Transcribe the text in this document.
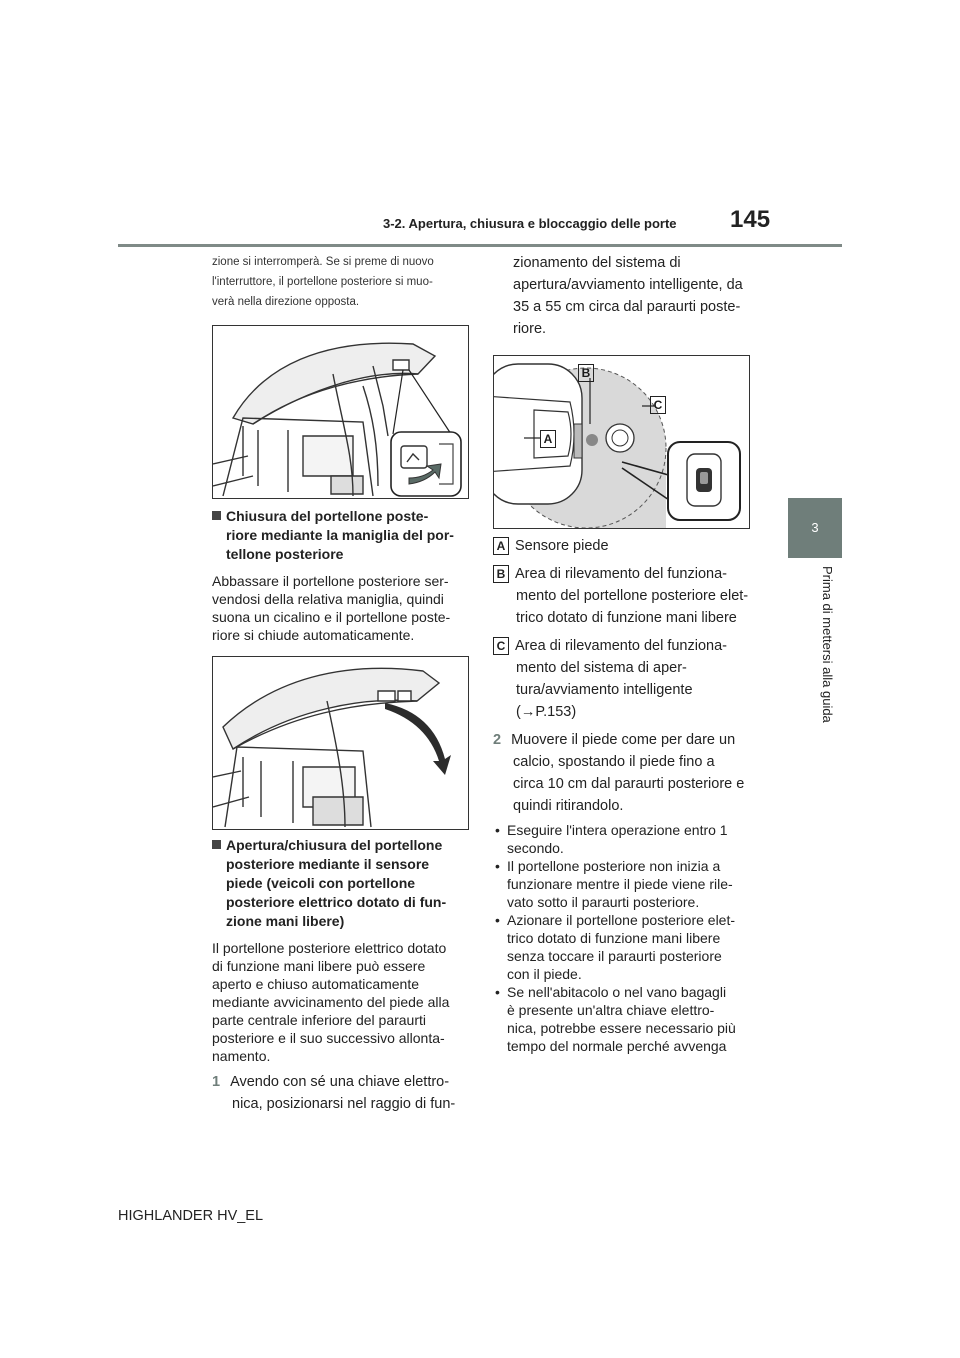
3-2. Apertura, chiusura e bloccaggio delle porte 145
3
Prima di mettersi alla guida
zione si interromperà. Se si preme di nuovo
l'interruttore, il portellone posteriore si muo-
verà nella direzione opposta.
Chiusura del portellone poste-
riore mediante la maniglia del por-
tellone posteriore
Abbassare il portellone posteriore ser-
vendosi della relativa maniglia, quindi
suona un cicalino e il portellone poste-
riore si chiude automaticamente.
Apertura/chiusura del portellone
posteriore mediante il sensore
piede (veicoli con portellone
posteriore elettrico dotato di fun-
zione mani libere)
Il portellone posteriore elettrico dotato
di funzione mani libere può essere
aperto e chiuso automaticamente
mediante avvicinamento del piede alla
parte centrale inferiore del paraurti
posteriore e il suo successivo allonta-
namento.
1 Avendo con sé una chiave elettro-
nica, posizionarsi nel raggio di fun-
zionamento del sistema di
apertura/avviamento intelligente, da
35 a 55 cm circa dal paraurti poste-
riore.
B
C
A
A Sensore piede
B Area di rilevamento del funziona-
mento del portellone posteriore elet-
trico dotato di funzione mani libere
C Area di rilevamento del funziona-
mento del sistema di aper-
tura/avviamento intelligente
(→P.153)
2 Muovere il piede come per dare un
calcio, spostando il piede fino a
circa 10 cm dal paraurti posteriore e
quindi ritirandolo.
• Eseguire l'intera operazione entro 1
secondo.
• Il portellone posteriore non inizia a
funzionare mentre il piede viene rile-
vato sotto il paraurti posteriore.
• Azionare il portellone posteriore elet-
trico dotato di funzione mani libere
senza toccare il paraurti posteriore
con il piede.
• Se nell'abitacolo o nel vano bagagli
è presente un'altra chiave elettro-
nica, potrebbe essere necessario più
tempo del normale perché avvenga
HIGHLANDER HV_EL
